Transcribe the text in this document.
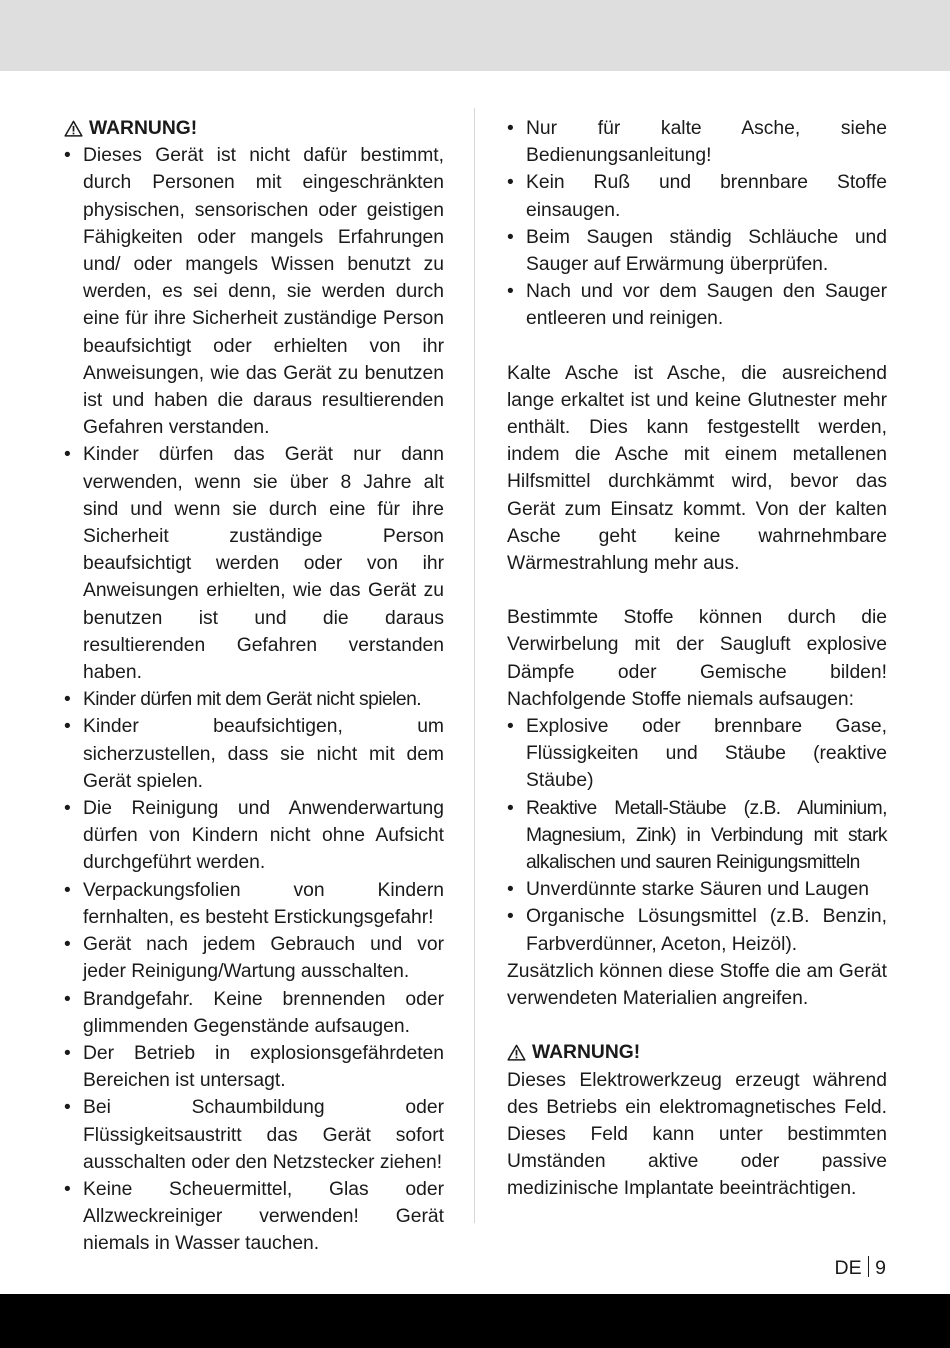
WARNUNG!
• Dieses Gerät ist nicht dafür bestimmt, durch Personen mit eingeschränkten physischen, sensorischen oder geistigen Fähigkeiten oder mangels Erfahrungen und/ oder mangels Wissen benutzt zu werden, es sei denn, sie werden durch eine für ihre Sicherheit zuständige Person beaufsichtigt oder erhielten von ihr Anweisungen, wie das Gerät zu benutzen ist und haben die daraus resultierenden Gefahren verstanden.
• Kinder dürfen das Gerät nur dann verwenden, wenn sie über 8 Jahre alt sind und wenn sie durch eine für ihre Sicherheit zuständige Person beaufsichtigt werden oder von ihr Anweisungen erhielten, wie das Gerät zu benutzen ist und die daraus resultierenden Gefahren verstanden haben.
• Kinder dürfen mit dem Gerät nicht spielen.
• Kinder beaufsichtigen, um sicherzustellen, dass sie nicht mit dem Gerät spielen.
• Die Reinigung und Anwenderwartung dürfen von Kindern nicht ohne Aufsicht durchgeführt werden.
• Verpackungsfolien von Kindern fernhalten, es besteht Erstickungsgefahr!
• Gerät nach jedem Gebrauch und vor jeder Reinigung/Wartung ausschalten.
• Brandgefahr. Keine brennenden oder glimmenden Gegenstände aufsaugen.
• Der Betrieb in explosionsgefährdeten Bereichen ist untersagt.
• Bei Schaumbildung oder Flüssigkeitsaustritt das Gerät sofort ausschalten oder den Netzstecker ziehen!
• Keine Scheuermittel, Glas oder Allzweckreiniger verwenden! Gerät niemals in Wasser tauchen.
• Nur für kalte Asche, siehe Bedienungsanleitung!
• Kein Ruß und brennbare Stoffe einsaugen.
• Beim Saugen ständig Schläuche und Sauger auf Erwärmung überprüfen.
• Nach und vor dem Saugen den Sauger entleeren und reinigen.

Kalte Asche ist Asche, die ausreichend lange erkaltet ist und keine Glutnester mehr enthält. Dies kann festgestellt werden, indem die Asche mit einem metallenen Hilfsmittel durchkämmt wird, bevor das Gerät zum Einsatz kommt. Von der kalten Asche geht keine wahrnehmbare Wärmestrahlung mehr aus.

Bestimmte Stoffe können durch die Verwirbelung mit der Saugluft explosive Dämpfe oder Gemische bilden! Nachfolgende Stoffe niemals aufsaugen:

• Explosive oder brennbare Gase, Flüssigkeiten und Stäube (reaktive Stäube)
• Reaktive Metall-Stäube (z.B. Aluminium, Magnesium, Zink) in Verbindung mit stark alkalischen und sauren Reinigungsmitteln
• Unverdünnte starke Säuren und Laugen
• Organische Lösungsmittel (z.B. Benzin, Farbverdünner, Aceton, Heizöl).

Zusätzlich können diese Stoffe die am Gerät verwendeten Materialien angreifen.

WARNUNG!

Dieses Elektrowerkzeug erzeugt während des Betriebs ein elektromagnetisches Feld. Dieses Feld kann unter bestimmten Umständen aktive oder passive medizinische Implantate beeinträchtigen.

DE 9
